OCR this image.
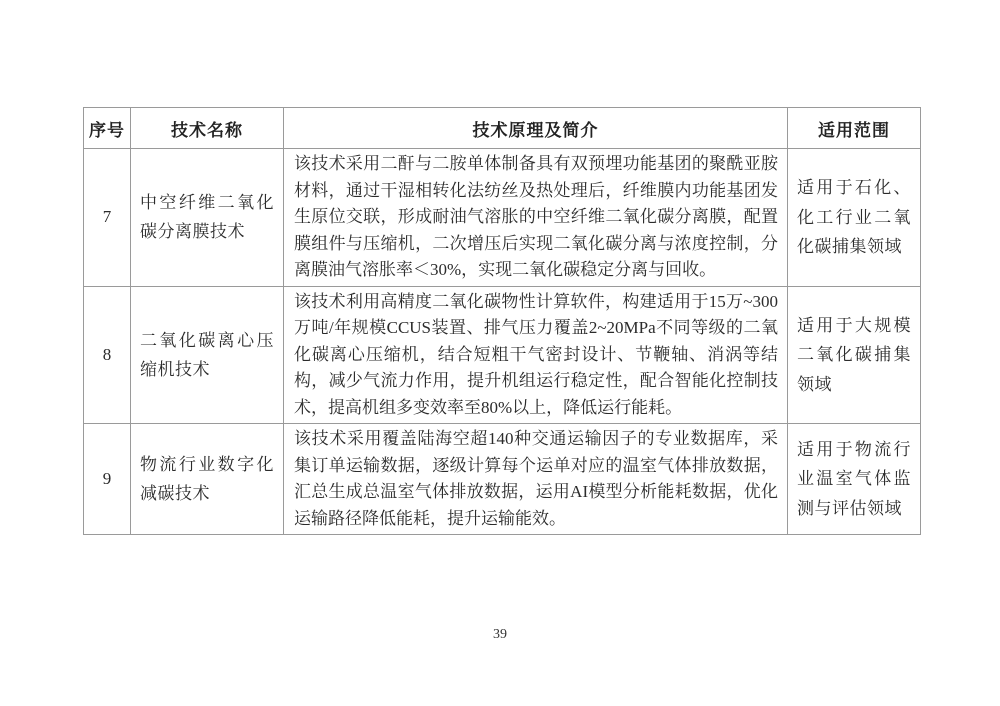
序号	技术名称	技术原理及简介	适用范围
7	中空纤维二氧化碳分离膜技术	该技术采用二酐与二胺单体制备具有双预埋功能基团的聚酰亚胺材料，通过干湿相转化法纺丝及热处理后，纤维膜内功能基团发生原位交联，形成耐油气溶胀的中空纤维二氧化碳分离膜，配置膜组件与压缩机，二次增压后实现二氧化碳分离与浓度控制，分离膜油气溶胀率＜30%，实现二氧化碳稳定分离与回收。	适用于石化、化工行业二氧化碳捕集领域
8	二氧化碳离心压缩机技术	该技术利用高精度二氧化碳物性计算软件，构建适用于15万~300万吨/年规模CCUS装置、排气压力覆盖2~20MPa不同等级的二氧化碳离心压缩机，结合短粗干气密封设计、节鞭轴、消涡等结构，减少气流力作用，提升机组运行稳定性，配合智能化控制技术，提高机组多变效率至80%以上，降低运行能耗。	适用于大规模二氧化碳捕集领域
9	物流行业数字化减碳技术	该技术采用覆盖陆海空超140种交通运输因子的专业数据库，采集订单运输数据，逐级计算每个运单对应的温室气体排放数据，汇总生成总温室气体排放数据，运用AI模型分析能耗数据，优化运输路径降低能耗，提升运输能效。	适用于物流行业温室气体监测与评估领域
39
